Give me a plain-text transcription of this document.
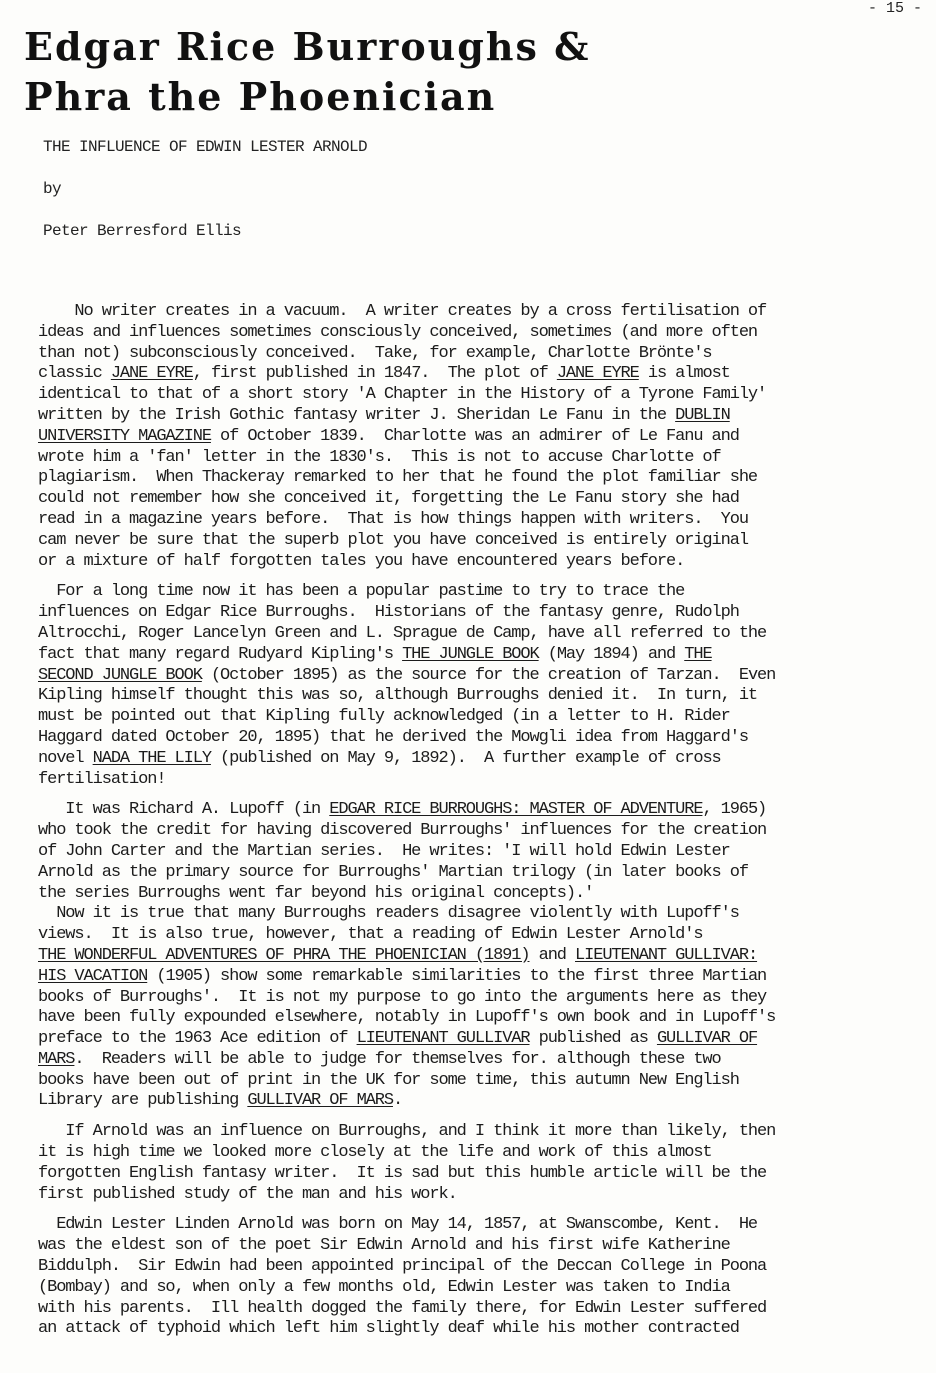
- 15 -
Edgar Rice Burroughs &
Phra the Phoenician
THE INFLUENCE OF EDWIN LESTER ARNOLD
by
Peter Berresford Ellis
No writer creates in a vacuum.  A writer creates by a cross fertilisation of
ideas and influences sometimes consciously conceived, sometimes (and more often
than not) subconsciously conceived.  Take, for example, Charlotte Brönte's
classic JANE EYRE, first published in 1847.  The plot of JANE EYRE is almost
identical to that of a short story 'A Chapter in the History of a Tyrone Family'
written by the Irish Gothic fantasy writer J. Sheridan Le Fanu in the DUBLIN
UNIVERSITY MAGAZINE of October 1839.  Charlotte was an admirer of Le Fanu and
wrote him a 'fan' letter in the 1830's.  This is not to accuse Charlotte of
plagiarism.  When Thackeray remarked to her that he found the plot familiar she
could not remember how she conceived it, forgetting the Le Fanu story she had
read in a magazine years before.  That is how things happen with writers.  You
cam never be sure that the superb plot you have conceived is entirely original
or a mixture of half forgotten tales you have encountered years before.
For a long time now it has been a popular pastime to try to trace the
influences on Edgar Rice Burroughs.  Historians of the fantasy genre, Rudolph
Altrocchi, Roger Lancelyn Green and L. Sprague de Camp, have all referred to the
fact that many regard Rudyard Kipling's THE JUNGLE BOOK (May 1894) and THE
SECOND JUNGLE BOOK (October 1895) as the source for the creation of Tarzan.  Even
Kipling himself thought this was so, although Burroughs denied it.  In turn, it
must be pointed out that Kipling fully acknowledged (in a letter to H. Rider
Haggard dated October 20, 1895) that he derived the Mowgli idea from Haggard's
novel NADA THE LILY (published on May 9, 1892).  A further example of cross
fertilisation!
It was Richard A. Lupoff (in EDGAR RICE BURROUGHS: MASTER OF ADVENTURE, 1965)
who took the credit for having discovered Burroughs' influences for the creation
of John Carter and the Martian series.  He writes: 'I will hold Edwin Lester
Arnold as the primary source for Burroughs' Martian trilogy (in later books of
the series Burroughs went far beyond his original concepts).'
Now it is true that many Burroughs readers disagree violently with Lupoff's
views.  It is also true, however, that a reading of Edwin Lester Arnold's
THE WONDERFUL ADVENTURES OF PHRA THE PHOENICIAN (1891) and LIEUTENANT GULLIVAR:
HIS VACATION (1905) show some remarkable similarities to the first three Martian
books of Burroughs'.  It is not my purpose to go into the arguments here as they
have been fully expounded elsewhere, notably in Lupoff's own book and in Lupoff's
preface to the 1963 Ace edition of LIEUTENANT GULLIVAR published as GULLIVAR OF
MARS.  Readers will be able to judge for themselves for. although these two
books have been out of print in the UK for some time, this autumn New English
Library are publishing GULLIVAR OF MARS.
If Arnold was an influence on Burroughs, and I think it more than likely, then
it is high time we looked more closely at the life and work of this almost
forgotten English fantasy writer.  It is sad but this humble article will be the
first published study of the man and his work.
Edwin Lester Linden Arnold was born on May 14, 1857, at Swanscombe, Kent.  He
was the eldest son of the poet Sir Edwin Arnold and his first wife Katherine
Biddulph.  Sir Edwin had been appointed principal of the Deccan College in Poona
(Bombay) and so, when only a few months old, Edwin Lester was taken to India
with his parents.  Ill health dogged the family there, for Edwin Lester suffered
an attack of typhoid which left him slightly deaf while his mother contracted
